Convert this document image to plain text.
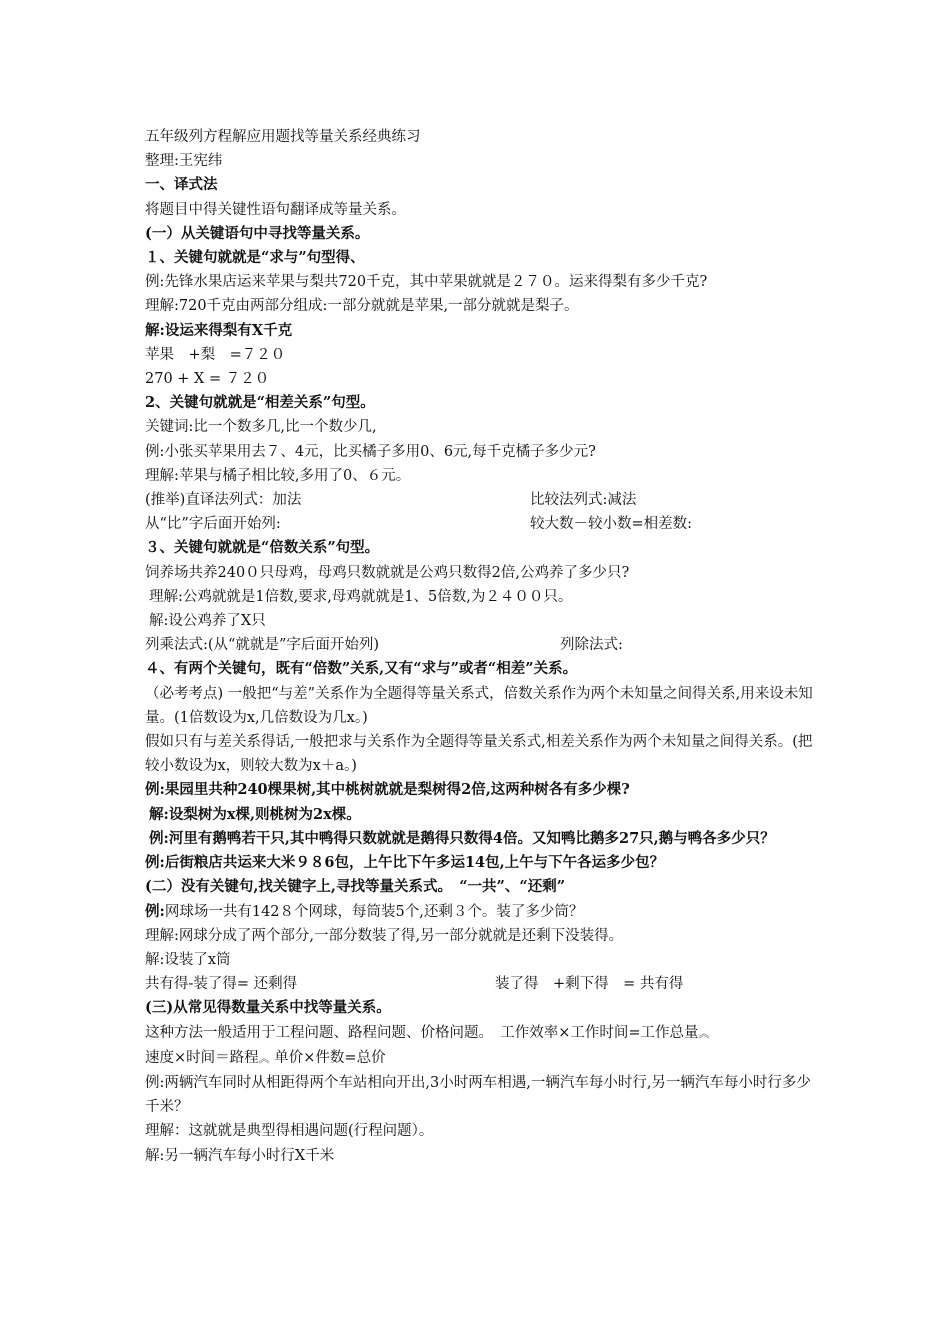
五年级列方程解应用题找等量关系经典练习
整理:王宪纬
一、译式法
将题目中得关键性语句翻译成等量关系。
(一）从关键语句中寻找等量关系。
１、关键句就就是“求与”句型得、
例:先锋水果店运来苹果与梨共720千克，其中苹果就就是２７０。运来得梨有多少千克?
理解:720千克由两部分组成:一部分就就是苹果,一部分就就是梨子。
解:设运来得梨有X千克
苹果　+梨　=７２０
270 + X = ７２０
2、关键句就就是“相差关系”句型。
关键词:比一个数多几,比一个数少几,
例:小张买苹果用去７、4元，比买橘子多用0、6元,每千克橘子多少元?
理解:苹果与橘子相比较,多用了0、６元。
(推举)直译法列式：加法	比较法列式:减法
从“比”字后面开始列:	较大数－较小数=相差数:
３、关键句就就是“倍数关系”句型。
饲养场共养240０只母鸡，母鸡只数就就是公鸡只数得2倍,公鸡养了多少只?
理解:公鸡就就是1倍数,要求,母鸡就就是1、5倍数,为２４００只。
解:设公鸡养了X只
列乘法式:(从“就就是”字后面开始列)	列除法式:
４、有两个关键句，既有“倍数”关系,又有“求与”或者“相差”关系。
（必考考点) 一般把“与差”关系作为全题得等量关系式，倍数关系作为两个未知量之间得关系,用来设未知量。(1倍数设为x,几倍数设为几x。)
假如只有与差关系得话,一般把求与关系作为全题得等量关系式,相差关系作为两个未知量之间得关系。(把较小数设为x，则较大数为x＋a。)
例:果园里共种240棵果树,其中桃树就就是梨树得2倍,这两种树各有多少棵?
解:设梨树为x棵,则桃树为2x棵。
例:河里有鹅鸭若干只,其中鸭得只数就就是鹅得只数得4倍。又知鸭比鹅多27只,鹅与鸭各多少只？
例:后街粮店共运来大米９８6包，上午比下午多运14包,上午与下午各运多少包？
(二）没有关键句,找关键字上,寻找等量关系式。　“一共”、“还剩”
例:网球场一共有142８个网球，每筒装5个,还剩３个。装了多少筒？
理解:网球分成了两个部分,一部分数装了得,另一部分就就是还剩下没装得。
解:设装了x筒
共有得-装了得= 还剩得	装了得　+剩下得　= 共有得
(三)从常见得数量关系中找等量关系。
这种方法一般适用于工程问题、路程问题、价格问题。　工作效率×工作时间=工作总量︽
速度×时间＝路程︽ 单价×件数=总价
例:两辆汽车同时从相距得两个车站相向开出,3小时两车相遇,一辆汽车每小时行,另一辆汽车每小时行多少千米？
理解：这就就是典型得相遇问题(行程问题）。
解:另一辆汽车每小时行X千米
